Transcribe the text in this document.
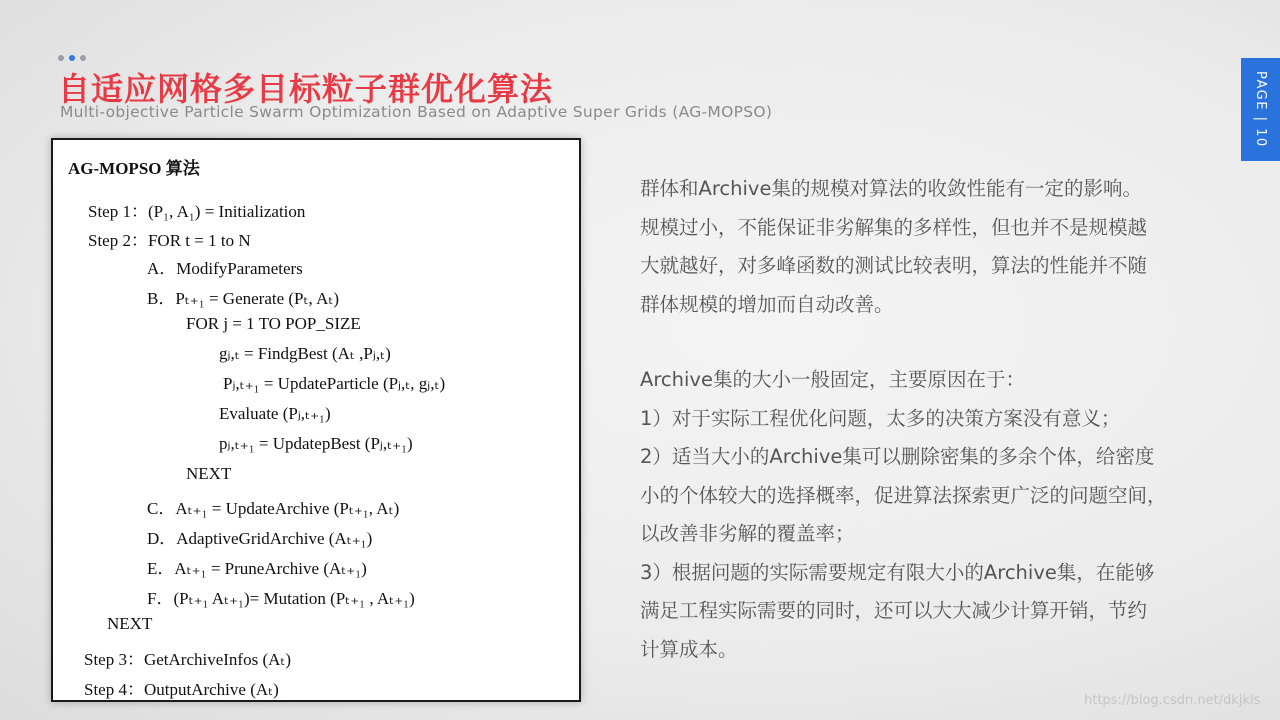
自适应网格多目标粒子群优化算法
Multi-objective Particle Swarm Optimization Based on Adaptive Super Grids (AG-MOPSO)	PAGE | 10
AG-MOPSO 算法
Step 1：(P₁, A₁) = Initialization
Step 2：FOR t = 1 to N
A．ModifyParameters
B．Pₜ₊₁ = Generate (Pₜ, Aₜ)
FOR j = 1 TO POP_SIZE
gⱼ,ₜ = FindgBest (Aₜ ,Pⱼ,ₜ)
Pⱼ,ₜ₊₁ = UpdateParticle (Pⱼ,ₜ, gⱼ,ₜ)
Evaluate (Pⱼ,ₜ₊₁)
pⱼ,ₜ₊₁ = UpdatepBest (Pⱼ,ₜ₊₁)
NEXT
C．Aₜ₊₁ = UpdateArchive (Pₜ₊₁, Aₜ)
D．AdaptiveGridArchive (Aₜ₊₁)
E．Aₜ₊₁ = PruneArchive (Aₜ₊₁)
F．(Pₜ₊₁ Aₜ₊₁)= Mutation (Pₜ₊₁ , Aₜ₊₁)
NEXT
Step 3：GetArchiveInfos (Aₜ)
Step 4：OutputArchive (Aₜ)

群体和Archive集的规模对算法的收敛性能有一定的影响。

规模过小，不能保证非劣解集的多样性，但也并不是规模越

大就越好，对多峰函数的测试比较表明，算法的性能并不随

群体规模的增加而自动改善。

Archive集的大小一般固定，主要原因在于：

1）对于实际工程优化问题，太多的决策方案没有意义；

2）适当大小的Archive集可以删除密集的多余个体，给密度

小的个体较大的选择概率，促进算法探索更广泛的问题空间，

以改善非劣解的覆盖率；

3）根据问题的实际需要规定有限大小的Archive集，在能够

满足工程实际需要的同时，还可以大大减少计算开销，节约

计算成本。

https://blog.csdn.net/dkjkls
